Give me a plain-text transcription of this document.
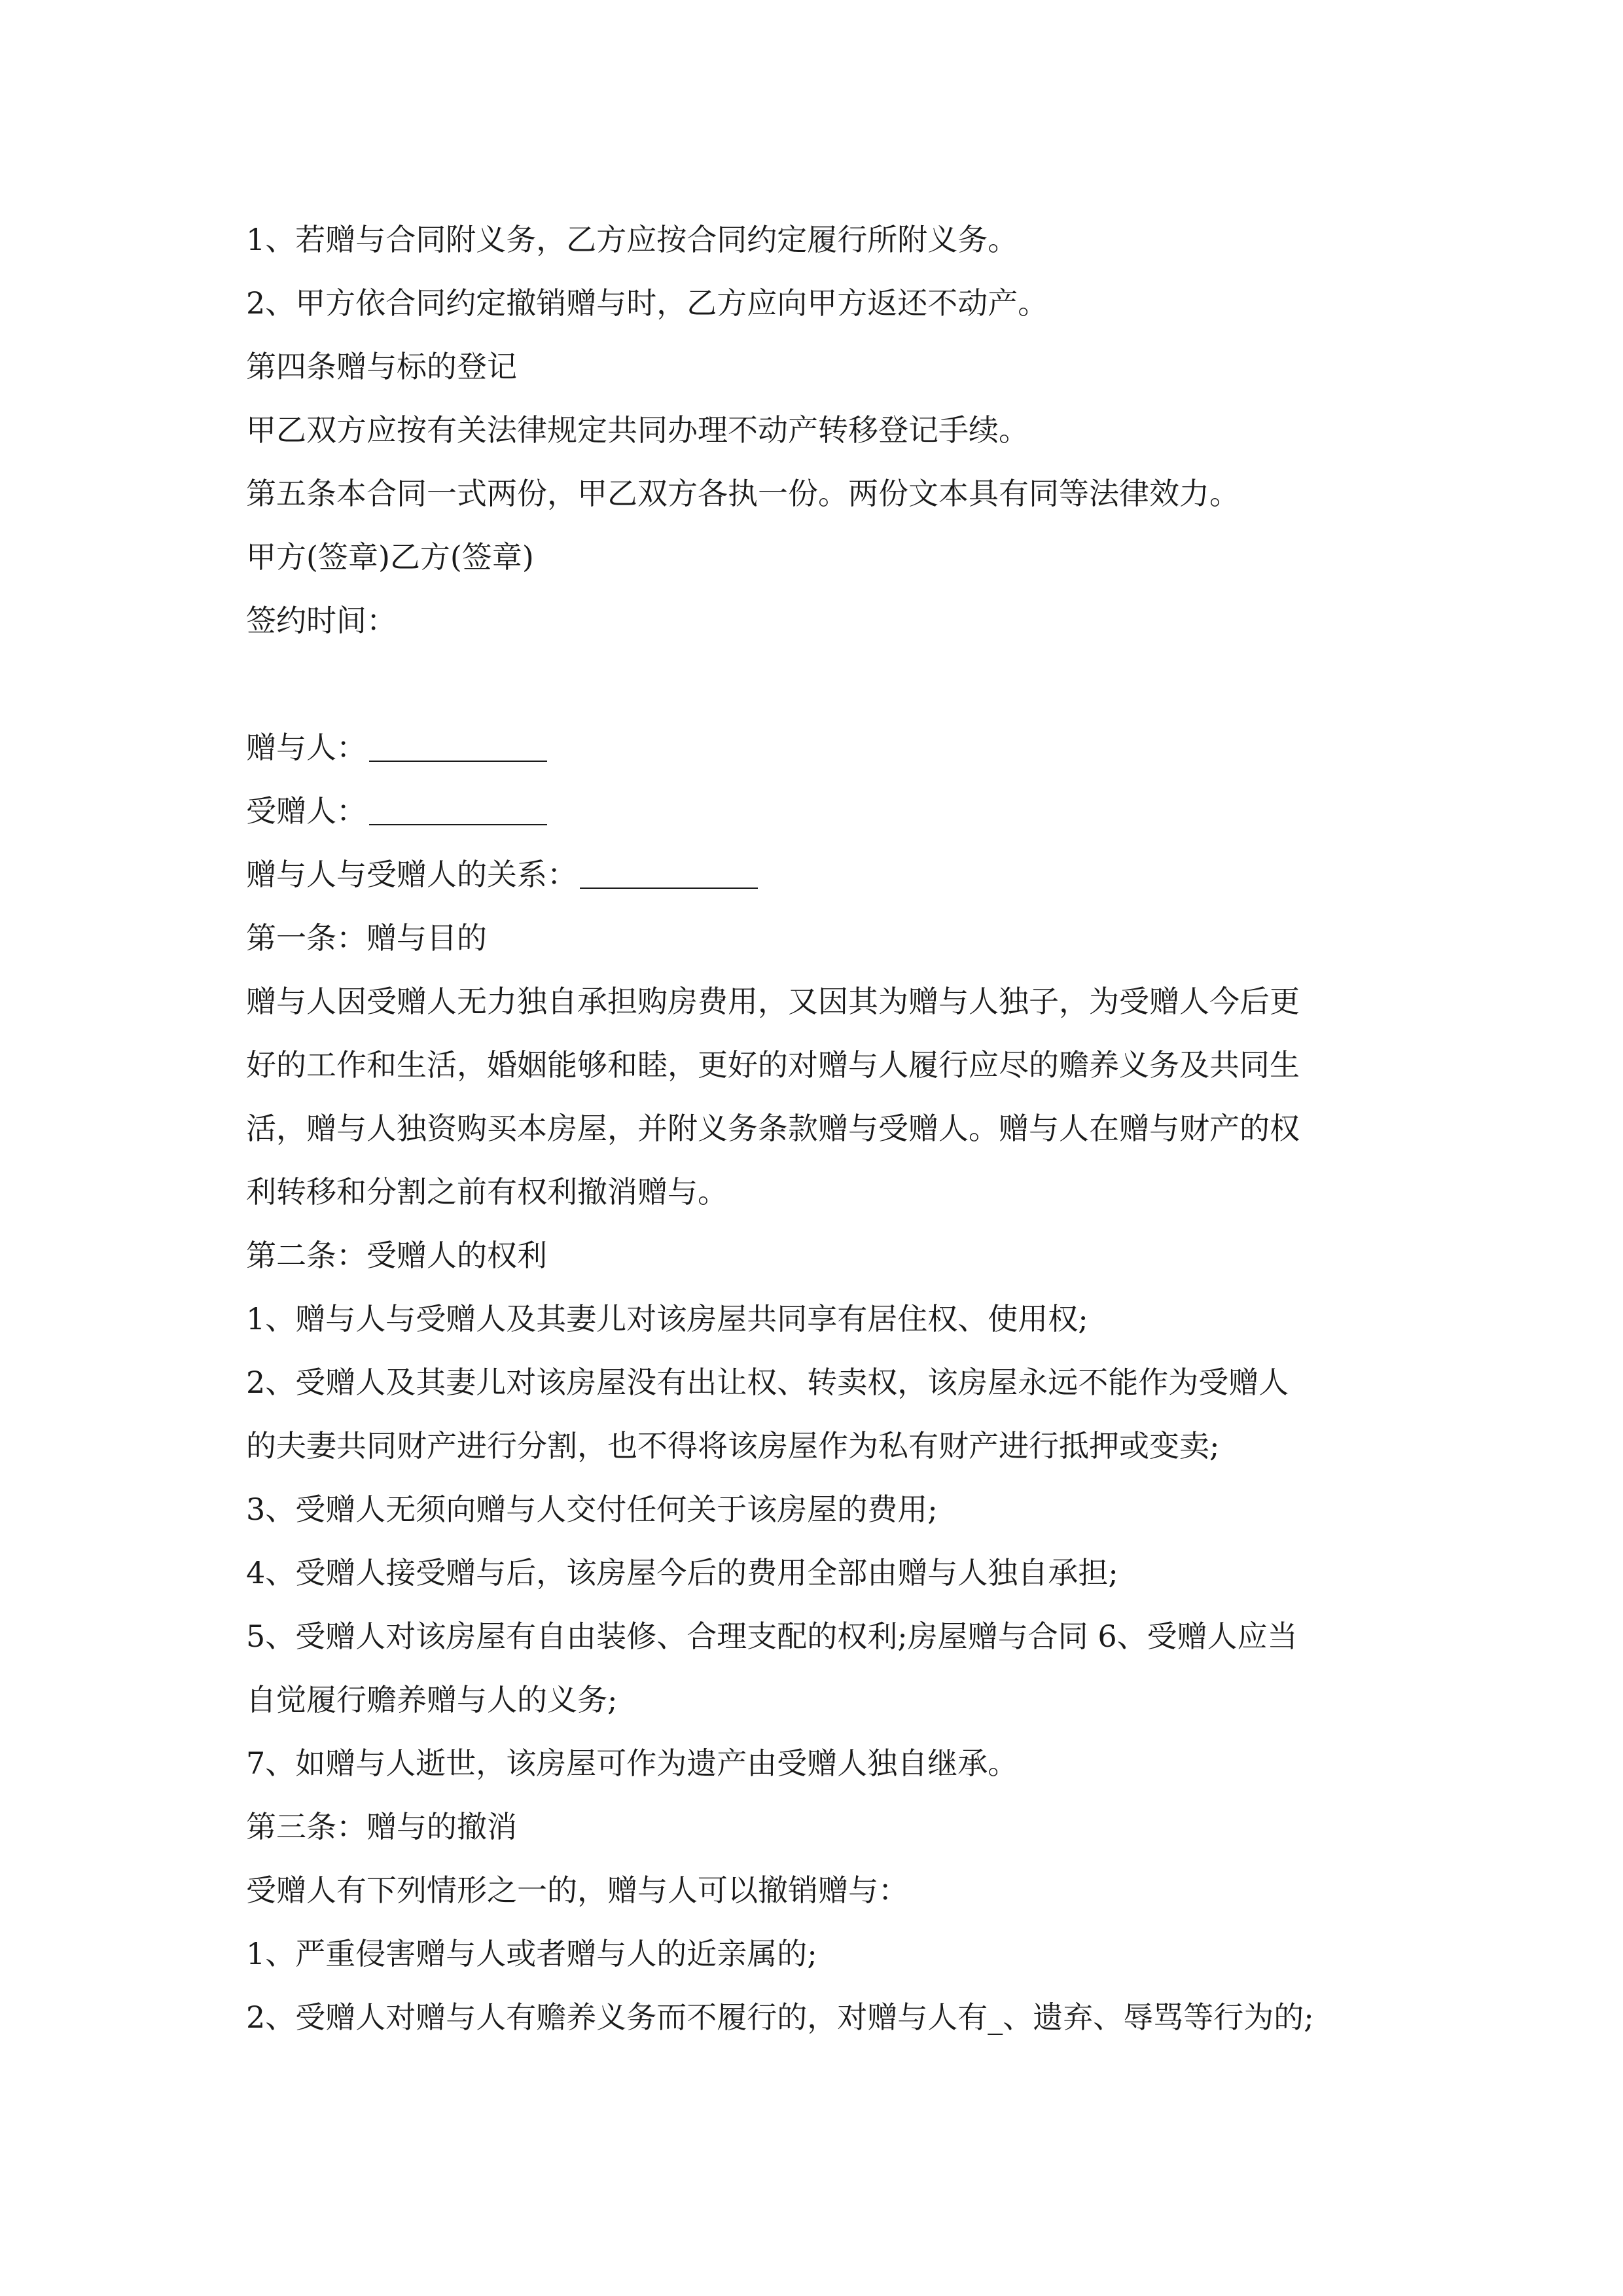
1、若赠与合同附义务，乙方应按合同约定履行所附义务。
2、甲方依合同约定撤销赠与时，乙方应向甲方返还不动产。
第四条赠与标的登记
甲乙双方应按有关法律规定共同办理不动产转移登记手续。
第五条本合同一式两份，甲乙双方各执一份。两份文本具有同等法律效力。
甲方(签章)乙方(签章)
签约时间：
赠与人：
受赠人：
赠与人与受赠人的关系：
第一条：赠与目的
赠与人因受赠人无力独自承担购房费用，又因其为赠与人独子，为受赠人今后更
好的工作和生活，婚姻能够和睦，更好的对赠与人履行应尽的赡养义务及共同生
活，赠与人独资购买本房屋，并附义务条款赠与受赠人。赠与人在赠与财产的权
利转移和分割之前有权利撤消赠与。
第二条：受赠人的权利
1、赠与人与受赠人及其妻儿对该房屋共同享有居住权、使用权;
2、受赠人及其妻儿对该房屋没有出让权、转卖权，该房屋永远不能作为受赠人
的夫妻共同财产进行分割，也不得将该房屋作为私有财产进行抵押或变卖;
3、受赠人无须向赠与人交付任何关于该房屋的费用;
4、受赠人接受赠与后，该房屋今后的费用全部由赠与人独自承担;
5、受赠人对该房屋有自由装修、合理支配的权利;房屋赠与合同 6、受赠人应当
自觉履行赡养赠与人的义务;
7、如赠与人逝世，该房屋可作为遗产由受赠人独自继承。
第三条：赠与的撤消
受赠人有下列情形之一的，赠与人可以撤销赠与：
1、严重侵害赠与人或者赠与人的近亲属的;
2、受赠人对赠与人有赡养义务而不履行的，对赠与人有_、遗弃、辱骂等行为的;
